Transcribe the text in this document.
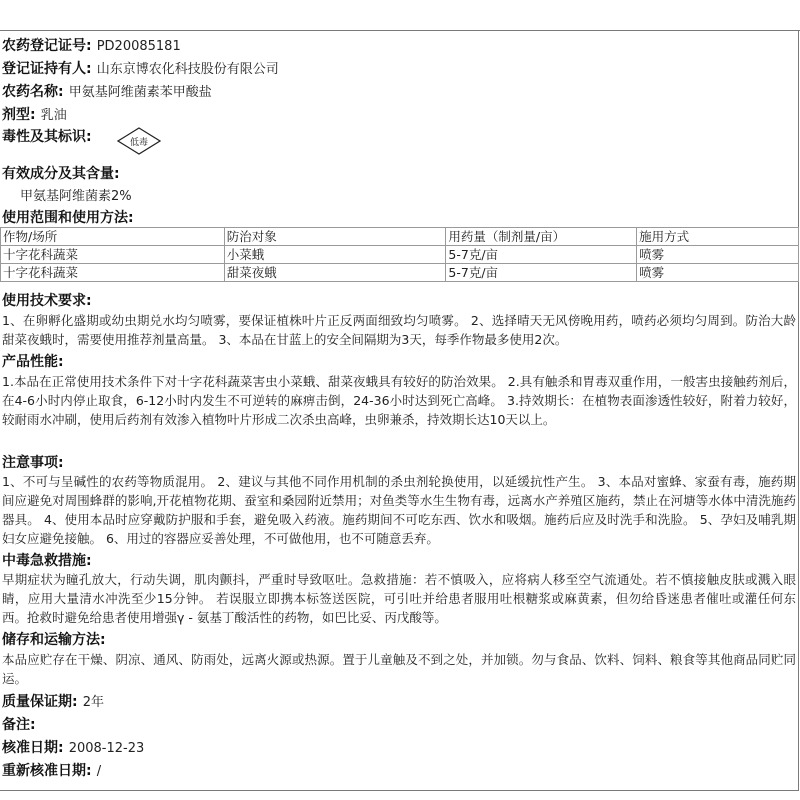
农药登记证号: PD20085181
登记证持有人: 山东京博农化科技股份有限公司
农药名称: 甲氨基阿维菌素苯甲酸盐
剂型: 乳油
毒性及其标识:	低毒
有效成分及其含量:
甲氨基阿维菌素2%
使用范围和使用方法:
作物/场所	防治对象	用药量（制剂量/亩）	施用方式
十字花科蔬菜	小菜蛾	5-7克/亩	喷雾
十字花科蔬菜	甜菜夜蛾	5-7克/亩	喷雾
使用技术要求:
1、在卵孵化盛期或幼虫期兑水均匀喷雾，要保证植株叶片正反两面细致均匀喷雾。 2、选择晴天无风傍晚用药，喷药必须均匀周到。防治大龄甜菜夜蛾时，需要使用推荐剂量高量。 3、本品在甘蓝上的安全间隔期为3天，每季作物最多使用2次。
产品性能:
1.本品在正常使用技术条件下对十字花科蔬菜害虫小菜蛾、甜菜夜蛾具有较好的防治效果。 2.具有触杀和胃毒双重作用，一般害虫接触药剂后，在4-6小时内停止取食，6-12小时内发生不可逆转的麻痹击倒，24-36小时达到死亡高峰。 3.持效期长：在植物表面渗透性较好，附着力较好，较耐雨水冲刷，使用后药剂有效渗入植物叶片形成二次杀虫高峰，虫卵兼杀，持效期长达10天以上。
注意事项:
1、不可与呈碱性的农药等物质混用。 2、建议与其他不同作用机制的杀虫剂轮换使用，以延缓抗性产生。 3、本品对蜜蜂、家蚕有毒，施药期间应避免对周围蜂群的影响,开花植物花期、蚕室和桑园附近禁用；对鱼类等水生生物有毒，远离水产养殖区施药，禁止在河塘等水体中清洗施药器具。 4、使用本品时应穿戴防护服和手套，避免吸入药液。施药期间不可吃东西、饮水和吸烟。施药后应及时洗手和洗脸。 5、孕妇及哺乳期妇女应避免接触。 6、用过的容器应妥善处理，不可做他用，也不可随意丢弃。
中毒急救措施:
早期症状为瞳孔放大，行动失调，肌肉颤抖，严重时导致呕吐。急救措施：若不慎吸入，应将病人移至空气流通处。若不慎接触皮肤或溅入眼睛，应用大量清水冲洗至少15分钟。 若误服立即携本标签送医院，可引吐并给患者服用吐根糖浆或麻黄素，但勿给昏迷患者催吐或灌任何东西。抢救时避免给患者使用增强γ - 氨基丁酸活性的药物，如巴比妥、丙戊酸等。
储存和运输方法:
本品应贮存在干燥、阴凉、通风、防雨处，远离火源或热源。置于儿童触及不到之处，并加锁。勿与食品、饮料、饲料、粮食等其他商品同贮同运。
质量保证期: 2年
备注:
核准日期: 2008-12-23
重新核准日期: /
